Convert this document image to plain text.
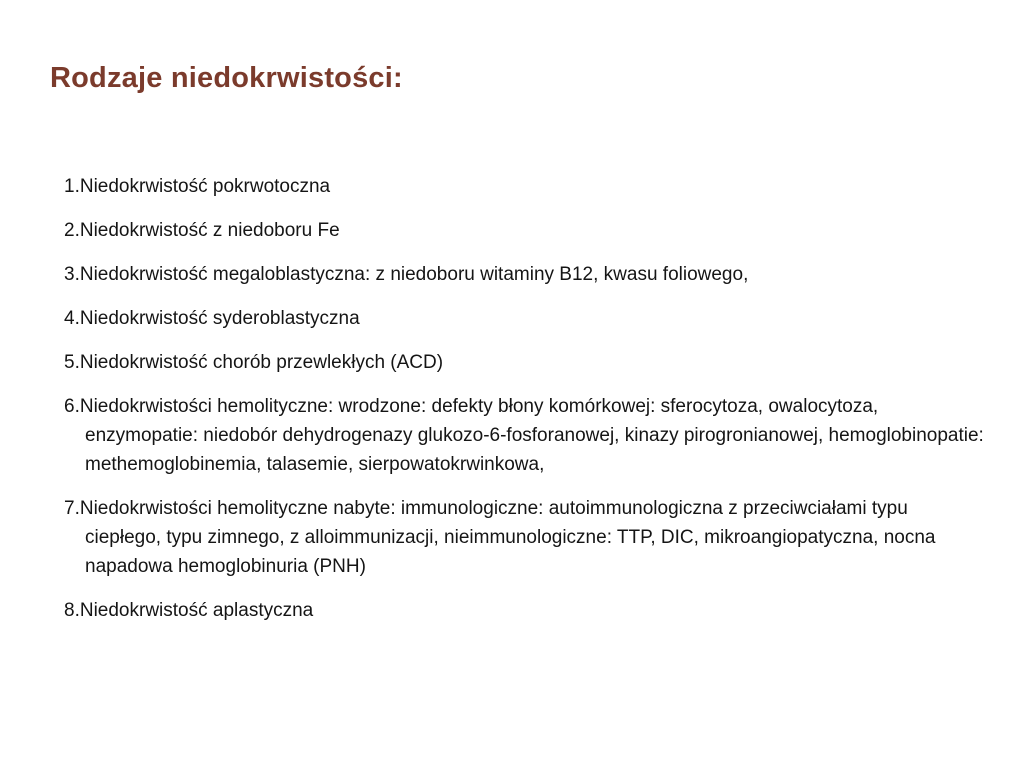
Rodzaje niedokrwistości:
1.Niedokrwistość pokrwotoczna
2.Niedokrwistość z niedoboru Fe
3.Niedokrwistość megaloblastyczna: z niedoboru witaminy B12, kwasu foliowego,
4.Niedokrwistość syderoblastyczna
5.Niedokrwistość chorób przewlekłych (ACD)
6.Niedokrwistości hemolityczne: wrodzone: defekty błony komórkowej: sferocytoza, owalocytoza, enzymopatie: niedobór dehydrogenazy glukozo-6-fosforanowej, kinazy pirogronianowej, hemoglobinopatie: methemoglobinemia, talasemie, sierpowatokrwinkowa,
7.Niedokrwistości hemolityczne nabyte: immunologiczne: autoimmunologiczna z przeciwciałami typu ciepłego, typu zimnego, z alloimmunizacji, nieimmunologiczne: TTP, DIC, mikroangiopatyczna, nocna napadowa hemoglobinuria (PNH)
8.Niedokrwistość aplastyczna
